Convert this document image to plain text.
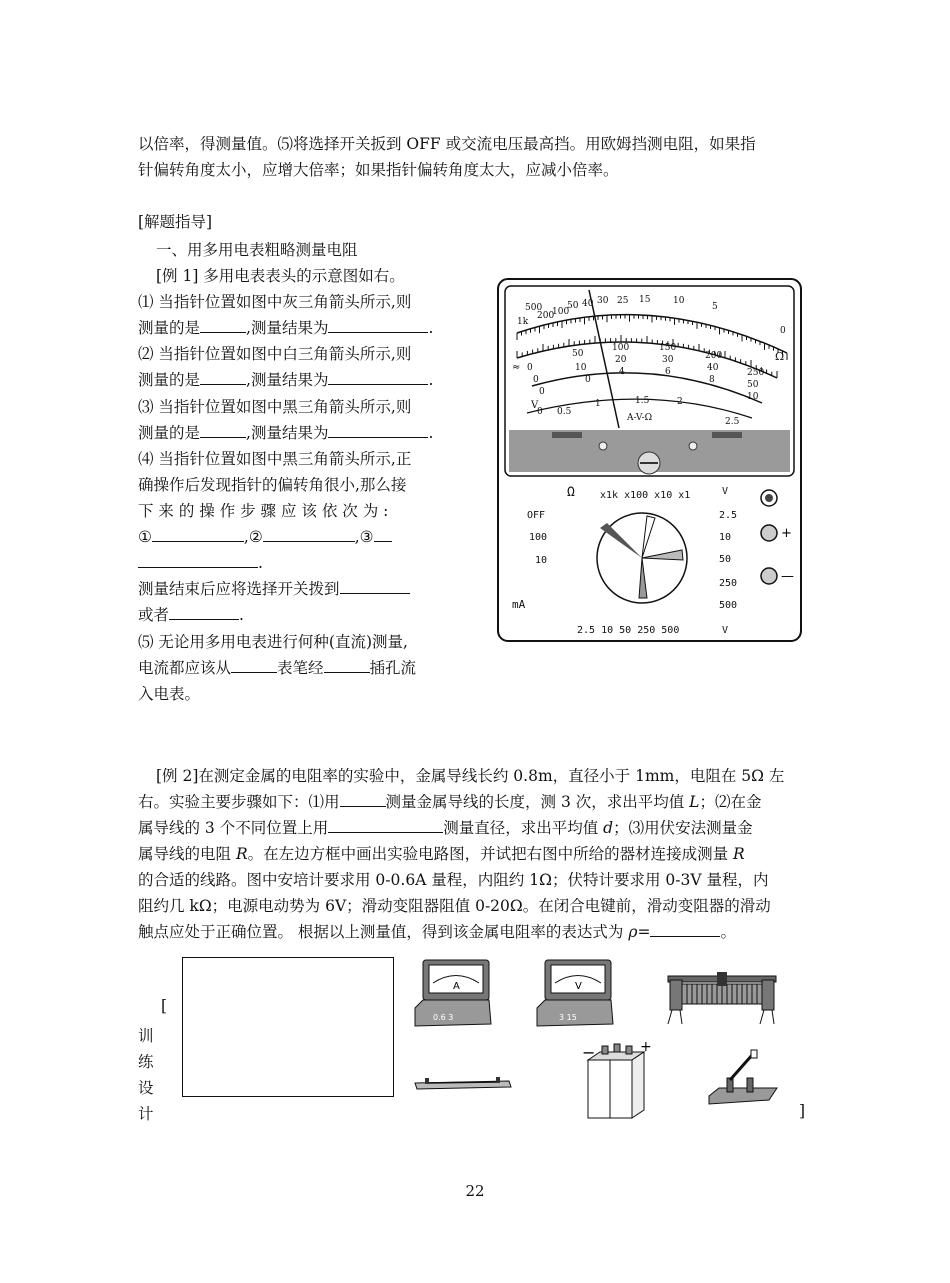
以倍率，得测量值。⑸将选择开关扳到 OFF 或交流电压最高挡。用欧姆挡测电阻，如果指
针偏转角度太小，应增大倍率；如果指针偏转角度太大，应减小倍率。
[解题指导]
一、用多用电表粗略测量电阻
[例 1] 多用电表表头的示意图如右。
⑴ 当指针位置如图中灰三角箭头所示,则
测量的是	,测量结果为	.
⑵ 当指针位置如图中白三角箭头所示,则
测量的是	,测量结果为	.
⑶ 当指针位置如图中黑三角箭头所示,则
测量的是	,测量结果为	.
⑷ 当指针位置如图中黑三角箭头所示,正
确操作后发现指针的偏转角很小,那么接
下 来 的 操 作 步 骤 应 该 依 次 为 :
①	,②	,③
.
测量结束后应将选择开关拨到
或者	.
⑸ 无论用多用电表进行何种(直流)测量,
电流都应该从	表笔经	插孔流
入电表。
500
1k
200
100
50 40 30 25 15	10
5
0
Ω
50
10
0
100
20
4
150
30
6
200
40
8
250
50
10
0
0
0
0 0.5
1	1.5	2
2.5
A-V-Ω
V
≈
Ω	x1k x100 x10 x1	V
OFF
100
10
2.5
10
50
250
500
mA
2.5 10 50 250 500	V
+
—
[例 2]在测定金属的电阻率的实验中，金属导线长约 0.8m，直径小于 1mm，电阻在 5Ω 左
右。实验主要步骤如下：⑴用	测量金属导线的长度，测 3 次，求出平均值 L；⑵在金
属导线的 3 个不同位置上用	测量直径，求出平均值 d；⑶用伏安法测量金
属导线的电阻 R。在左边方框中画出实验电路图，并试把右图中所给的器材连接成测量 R
的合适的线路。图中安培计要求用 0-0.6A 量程，内阻约 1Ω；伏特计要求用 0-3V 量程，内
阻约几 kΩ；电源电动势为 6V；滑动变阻器阻值 0-20Ω。在闭合电键前，滑动变阻器的滑动
触点应处于正确位置。 根据以上测量值，得到该金属电阻率的表达式为 ρ=	。
[
训
练
设
计	]
A
0.6 3
V
3 15
−	+
22
